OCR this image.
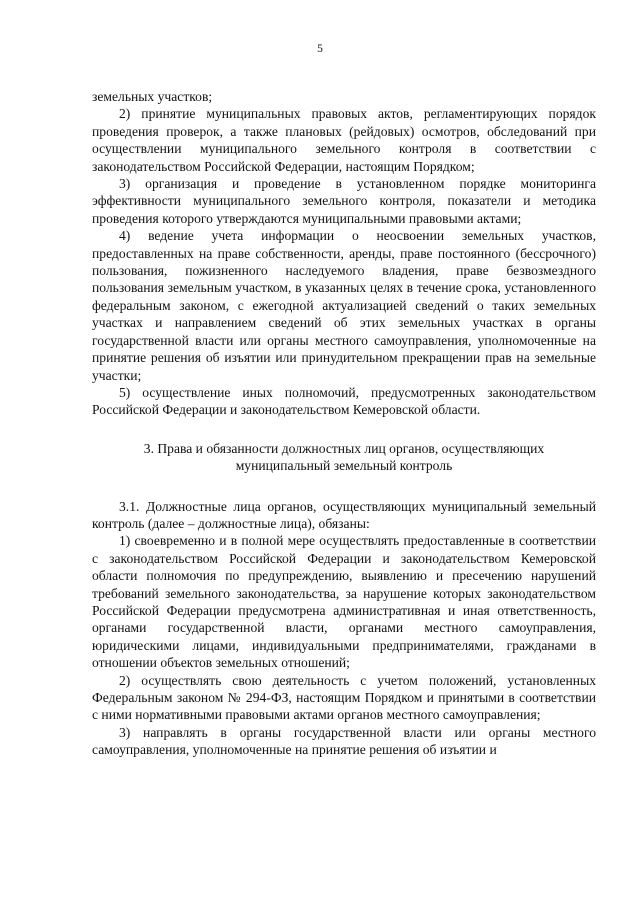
5

земельных участков;

2) принятие муниципальных правовых актов, регламентирующих порядок проведения проверок, а также плановых (рейдовых) осмотров, обследований при осуществлении муниципального земельного контроля в соответствии с законодательством Российской Федерации, настоящим Порядком;

3) организация и проведение в установленном порядке мониторинга эффективности муниципального земельного контроля, показатели и методика проведения которого утверждаются муниципальными правовыми актами;

4) ведение учета информации о неосвоении земельных участков, предоставленных на праве собственности, аренды, праве постоянного (бессрочного) пользования, пожизненного наследуемого владения, праве безвозмездного пользования земельным участком, в указанных целях в течение срока, установленного федеральным законом, с ежегодной актуализацией сведений о таких земельных участках и направлением сведений об этих земельных участках в органы государственной власти или органы местного самоуправления, уполномоченные на принятие решения об изъятии или принудительном прекращении прав на земельные участки;

5) осуществление иных полномочий, предусмотренных законодательством Российской Федерации и законодательством Кемеровской области.

3. Права и обязанности должностных лиц органов, осуществляющих муниципальный земельный контроль

3.1. Должностные лица органов, осуществляющих муниципальный земельный контроль (далее – должностные лица), обязаны:

1) своевременно и в полной мере осуществлять предоставленные в соответствии с законодательством Российской Федерации и законодательством Кемеровской области полномочия по предупреждению, выявлению и пресечению нарушений требований земельного законодательства, за нарушение которых законодательством Российской Федерации предусмотрена административная и иная ответственность, органами государственной власти, органами местного самоуправления, юридическими лицами, индивидуальными предпринимателями, гражданами в отношении объектов земельных отношений;

2) осуществлять свою деятельность с учетом положений, установленных Федеральным законом № 294-ФЗ, настоящим Порядком и принятыми в соответствии с ними нормативными правовыми актами органов местного самоуправления;

3) направлять в органы государственной власти или органы местного самоуправления, уполномоченные на принятие решения об изъятии и
